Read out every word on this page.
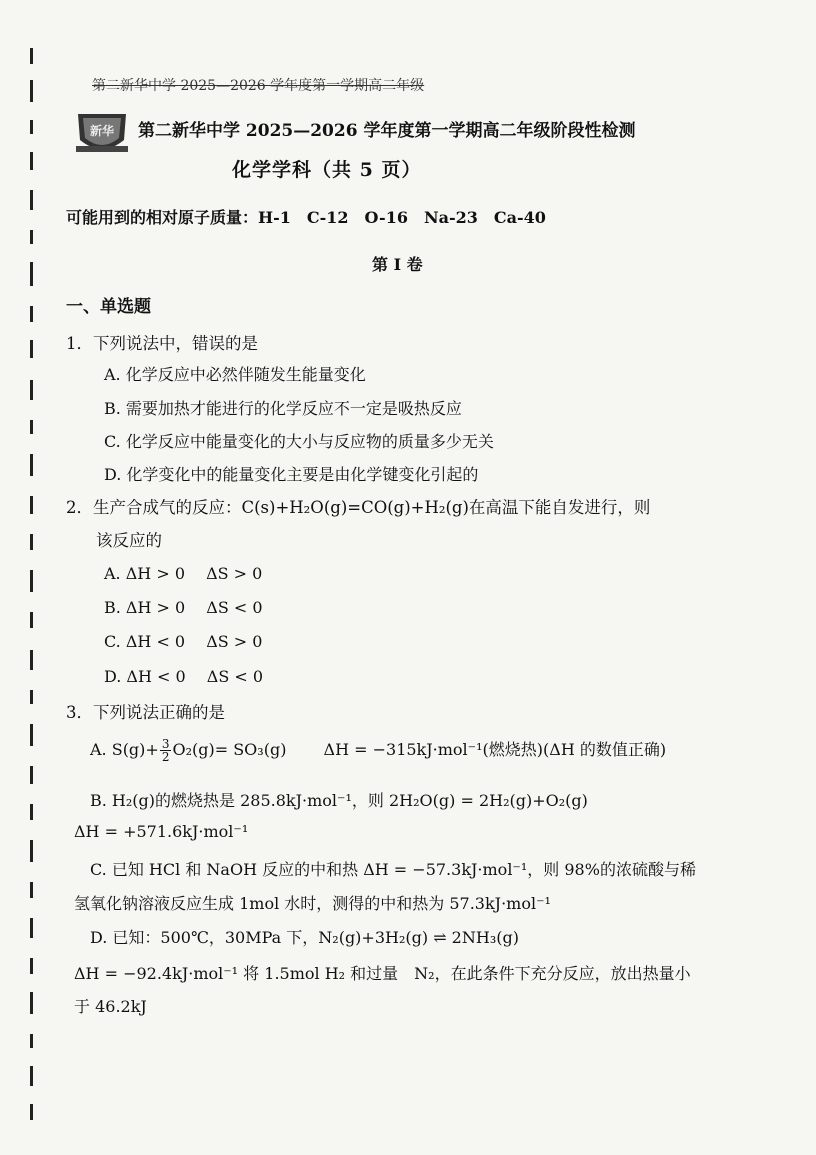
第二新华中学 2025—2026 学年度第一学期高二年级
新华 第二新华中学 2025—2026 学年度第一学期高二年级阶段性检测
化学学科（共 5 页）
可能用到的相对原子质量：H-1　C-12　O-16　Na-23　Ca-40
第 I 卷
一、单选题
1．下列说法中，错误的是
A. 化学反应中必然伴随发生能量变化
B. 需要加热才能进行的化学反应不一定是吸热反应
C. 化学反应中能量变化的大小与反应物的质量多少无关
D. 化学变化中的能量变化主要是由化学键变化引起的
2．生产合成气的反应：C(s)+H₂O(g)=CO(g)+H₂(g)在高温下能自发进行，则
该反应的
A. ΔH > 0　 ΔS > 0
B. ΔH > 0　 ΔS < 0
C. ΔH < 0　 ΔS > 0
D. ΔH < 0　 ΔS < 0
3．下列说法正确的是
A. $S(g)+ \frac{3}{2} O_2(g)= SO_3(g)$　　 ΔH = −315kJ·mol⁻¹(燃烧热)(ΔH 的数值正确)
B. H₂(g)的燃烧热是 285.8kJ·mol⁻¹，则 2H₂O(g) = 2H₂(g)+O₂(g)
ΔH = +571.6kJ·mol⁻¹
C. 已知 HCl 和 NaOH 反应的中和热 ΔH = −57.3kJ·mol⁻¹，则 98%的浓硫酸与稀
氢氧化钠溶液反应生成 1mol 水时，测得的中和热为 57.3kJ·mol⁻¹
D. 已知：500℃，30MPa 下，N₂(g)+3H₂(g) ⇌ 2NH₃(g)
ΔH = −92.4kJ·mol⁻¹ 将 1.5mol H₂ 和过量　N₂，在此条件下充分反应，放出热量小
于 46.2kJ
